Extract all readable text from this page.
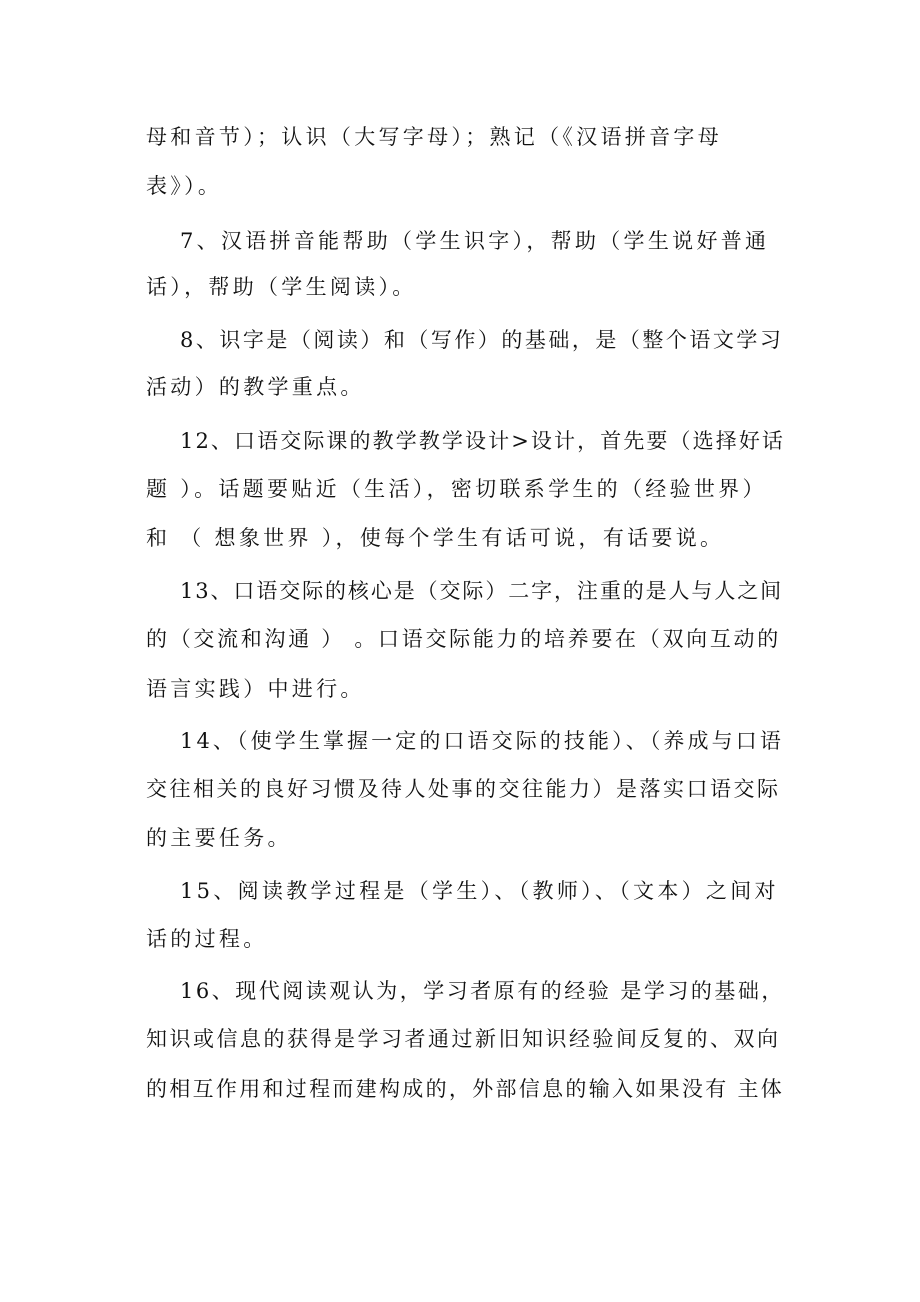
母和音节）；认识（大写字母）；熟记（《汉语拼音字母
表》）。
7、汉语拼音能帮助（学生识字），帮助（学生说好普通
话），帮助（学生阅读）。
8、识字是（阅读）和（写作）的基础，是（整个语文学习
活动）的教学重点。
12、口语交际课的教学教学设计>设计，首先要（选择好话
题 ）。话题要贴近（生活），密切联系学生的（经验世界）
和 （ 想象世界 ），使每个学生有话可说，有话要说。
13、口语交际的核心是（交际）二字，注重的是人与人之间
的（交流和沟通 ） 。口语交际能力的培养要在（双向互动的
语言实践）中进行。
14、（使学生掌握一定的口语交际的技能）、（养成与口语
交往相关的良好习惯及待人处事的交往能力）是落实口语交际
的主要任务。
15、阅读教学过程是（学生）、（教师）、（文本）之间对
话的过程。
16、现代阅读观认为，学习者原有的经验 是学习的基础，
知识或信息的获得是学习者通过新旧知识经验间反复的、双向
的相互作用和过程而建构成的，外部信息的输入如果没有 主体
